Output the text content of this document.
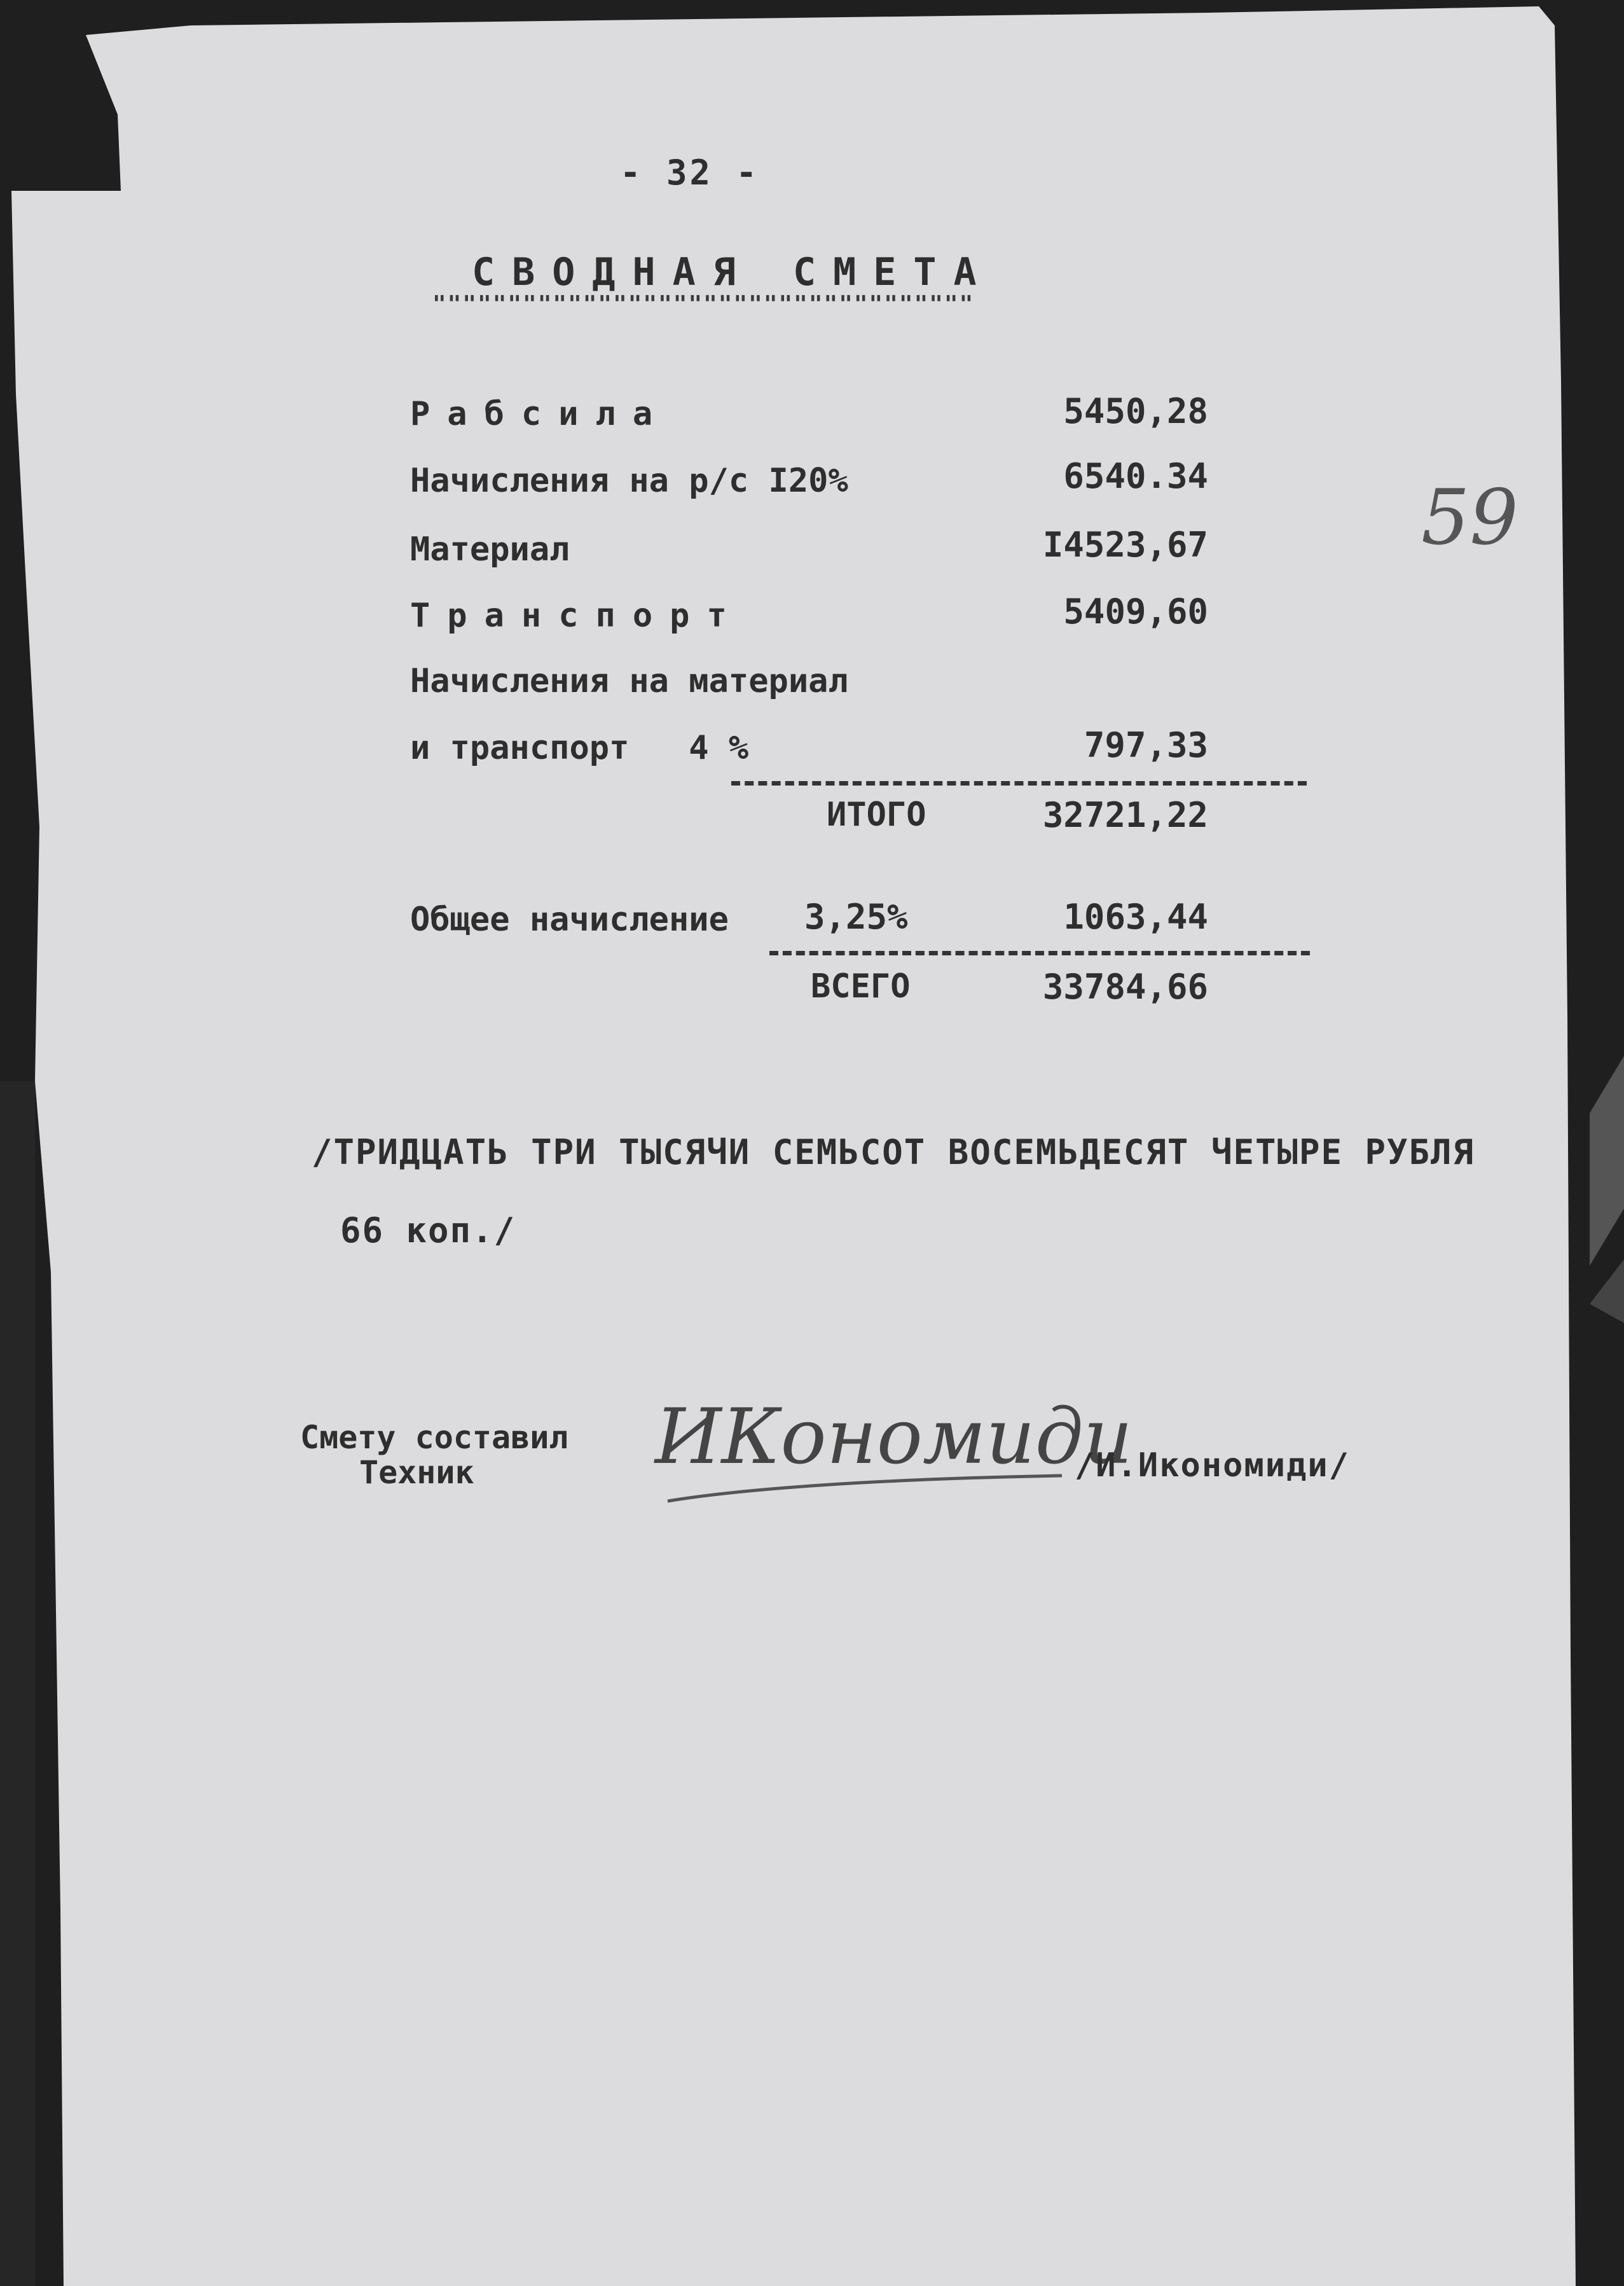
- 32 -
СВОДНАЯ СМЕТА
""""""""""""""""""""""""""""""""""""
59
Рабсила	5450,28
Начисления на р/с I20%	6540.34
Материал	I4523,67
Транспорт	5409,60
Начисления на материал
и транспорт   4 %	797,33
ИТОГО	32721,22
Общее начисление 3,25%	1063,44
ВСЕГО	33784,66
/ТРИДЦАТЬ ТРИ ТЫСЯЧИ СЕМЬСОТ ВОСЕМЬДЕСЯТ ЧЕТЫРЕ РУБЛЯ
66 коп./
Смету составил
Техник ИКономиди
/И.Икономиди/
